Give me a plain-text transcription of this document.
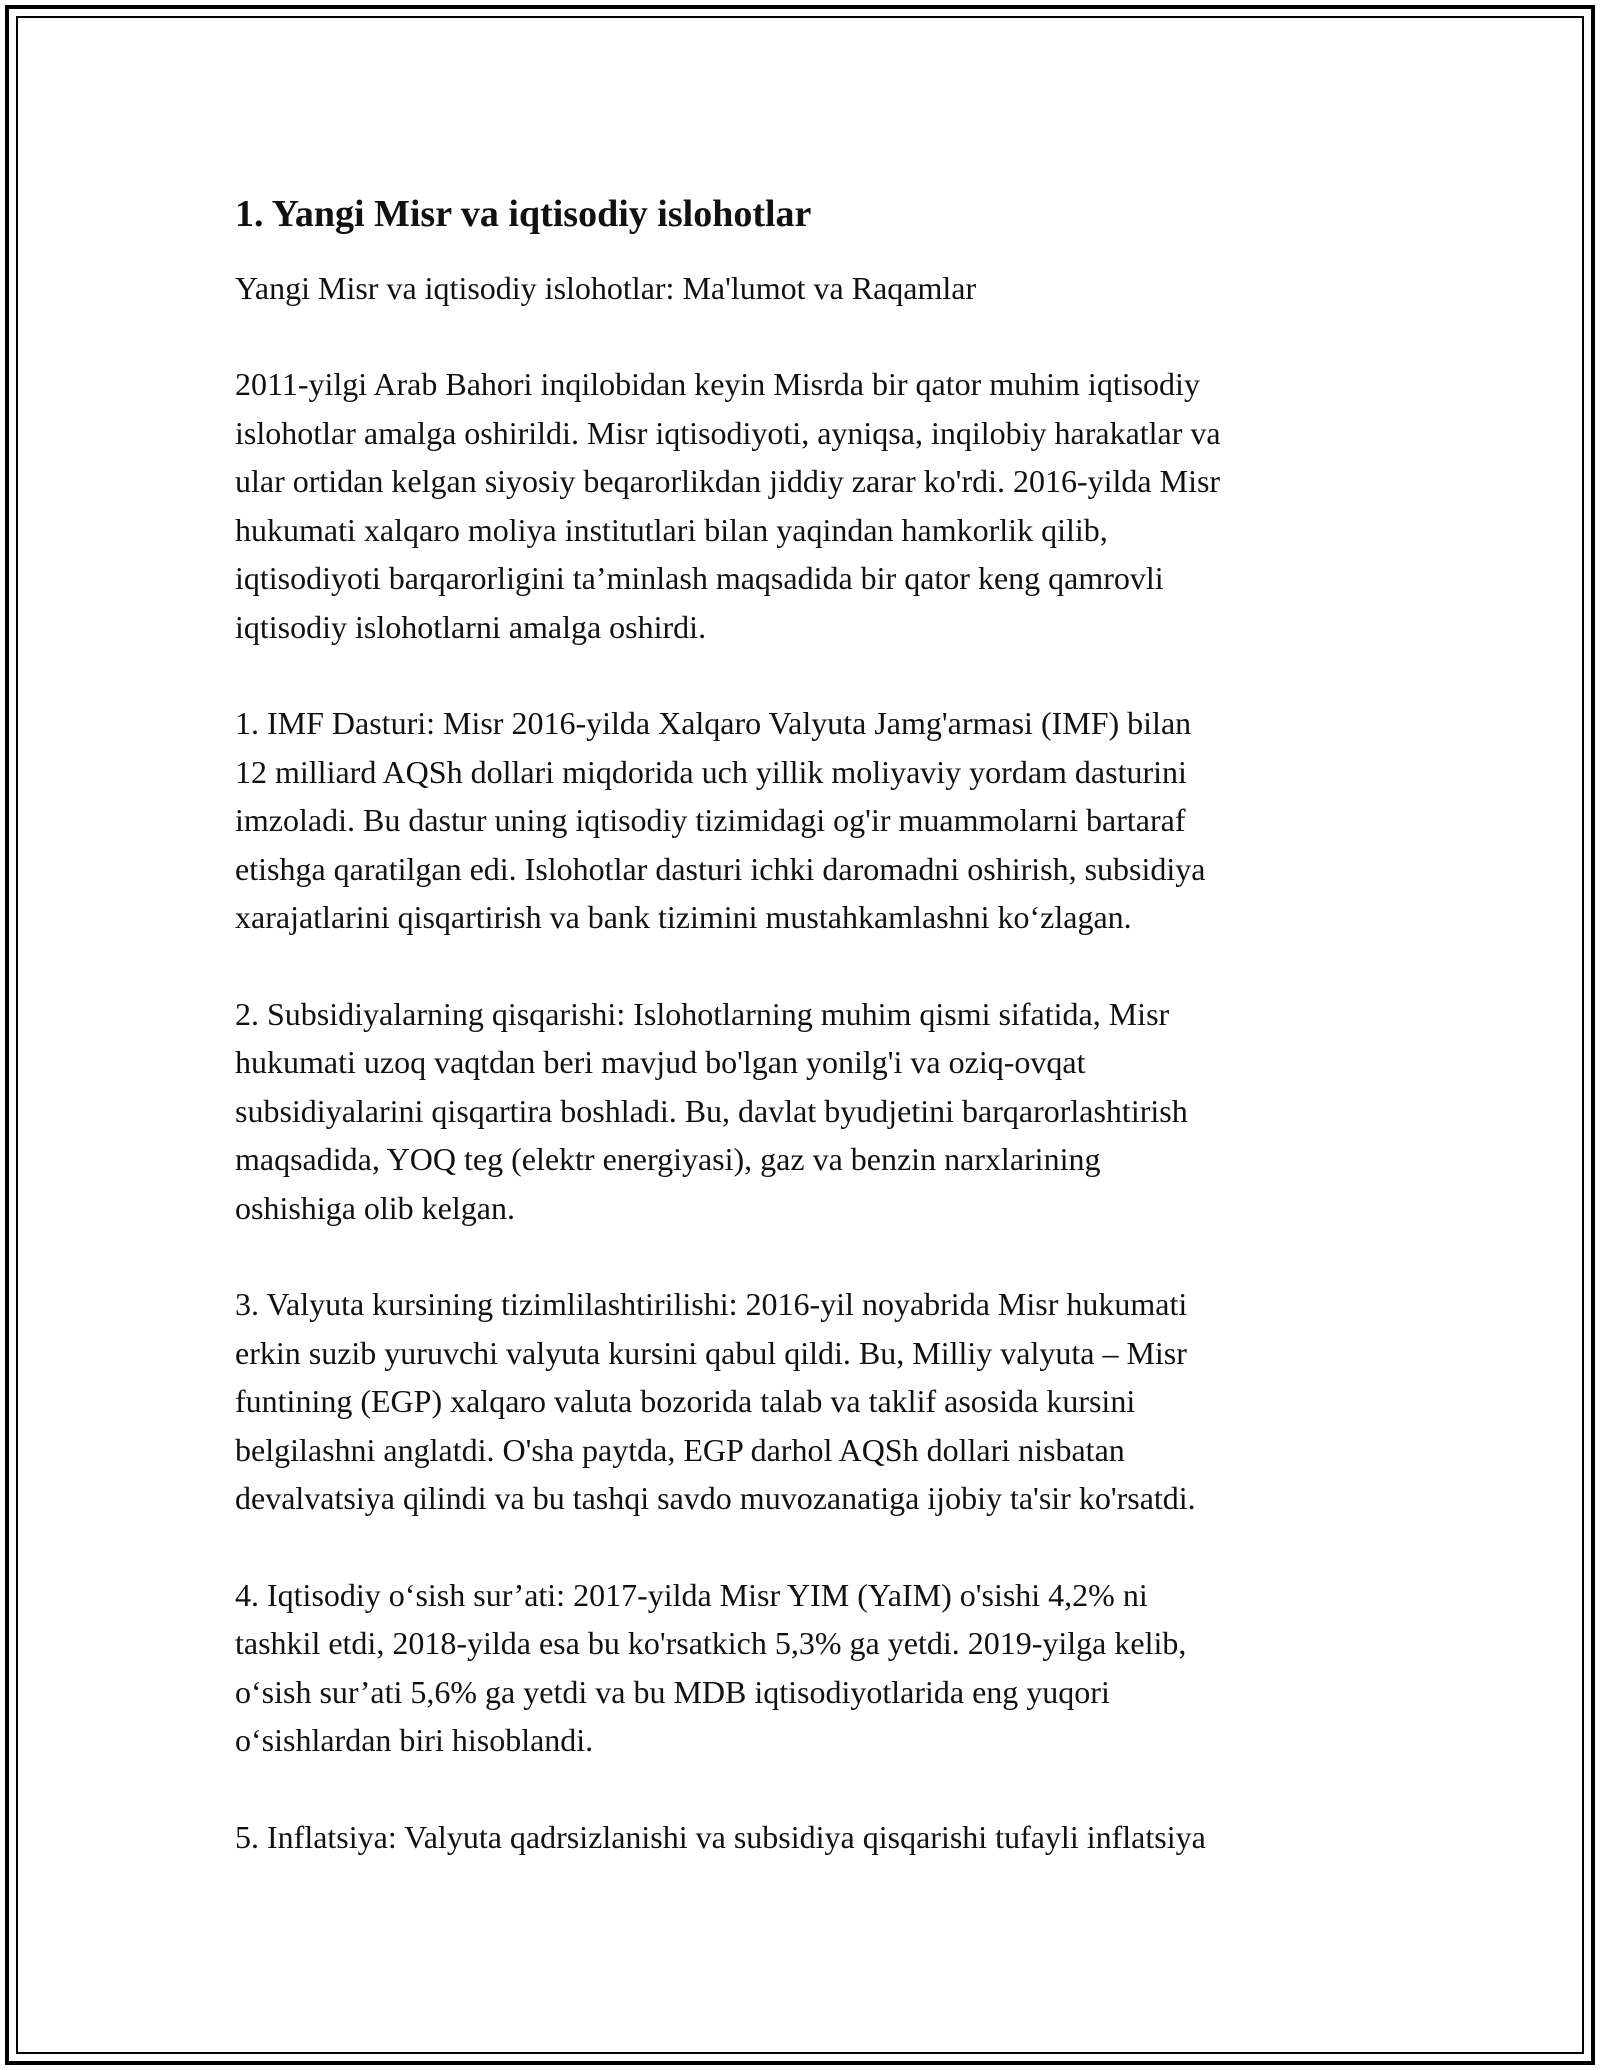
1. Yangi Misr va iqtisodiy islohotlar

Yangi Misr va iqtisodiy islohotlar: Ma'lumot va Raqamlar

2011-yilgi Arab Bahori inqilobidan keyin Misrda bir qator muhim iqtisodiy
islohotlar amalga oshirildi. Misr iqtisodiyoti, ayniqsa, inqilobiy harakatlar va
ular ortidan kelgan siyosiy beqarorlikdan jiddiy zarar ko'rdi. 2016-yilda Misr
hukumati xalqaro moliya institutlari bilan yaqindan hamkorlik qilib,
iqtisodiyoti barqarorligini ta’minlash maqsadida bir qator keng qamrovli
iqtisodiy islohotlarni amalga oshirdi.

1. IMF Dasturi: Misr 2016-yilda Xalqaro Valyuta Jamg'armasi (IMF) bilan
12 milliard AQSh dollari miqdorida uch yillik moliyaviy yordam dasturini
imzoladi. Bu dastur uning iqtisodiy tizimidagi og'ir muammolarni bartaraf
etishga qaratilgan edi. Islohotlar dasturi ichki daromadni oshirish, subsidiya
xarajatlarini qisqartirish va bank tizimini mustahkamlashni ko‘zlagan.

2. Subsidiyalarning qisqarishi: Islohotlarning muhim qismi sifatida, Misr
hukumati uzoq vaqtdan beri mavjud bo'lgan yonilg'i va oziq-ovqat
subsidiyalarini qisqartira boshladi. Bu, davlat byudjetini barqarorlashtirish
maqsadida, YOQ teg (elektr energiyasi), gaz va benzin narxlarining
oshishiga olib kelgan.

3. Valyuta kursining tizimlilashtirilishi: 2016-yil noyabrida Misr hukumati
erkin suzib yuruvchi valyuta kursini qabul qildi. Bu, Milliy valyuta – Misr
funtining (EGP) xalqaro valuta bozorida talab va taklif asosida kursini
belgilashni anglatdi. O'sha paytda, EGP darhol AQSh dollari nisbatan
devalvatsiya qilindi va bu tashqi savdo muvozanatiga ijobiy ta'sir ko'rsatdi.

4. Iqtisodiy o‘sish sur’ati: 2017-yilda Misr YIM (YaIM) o'sishi 4,2% ni
tashkil etdi, 2018-yilda esa bu ko'rsatkich 5,3% ga yetdi. 2019-yilga kelib,
o‘sish sur’ati 5,6% ga yetdi va bu MDB iqtisodiyotlarida eng yuqori
o‘sishlardan biri hisoblandi.

5. Inflatsiya: Valyuta qadrsizlanishi va subsidiya qisqarishi tufayli inflatsiya
